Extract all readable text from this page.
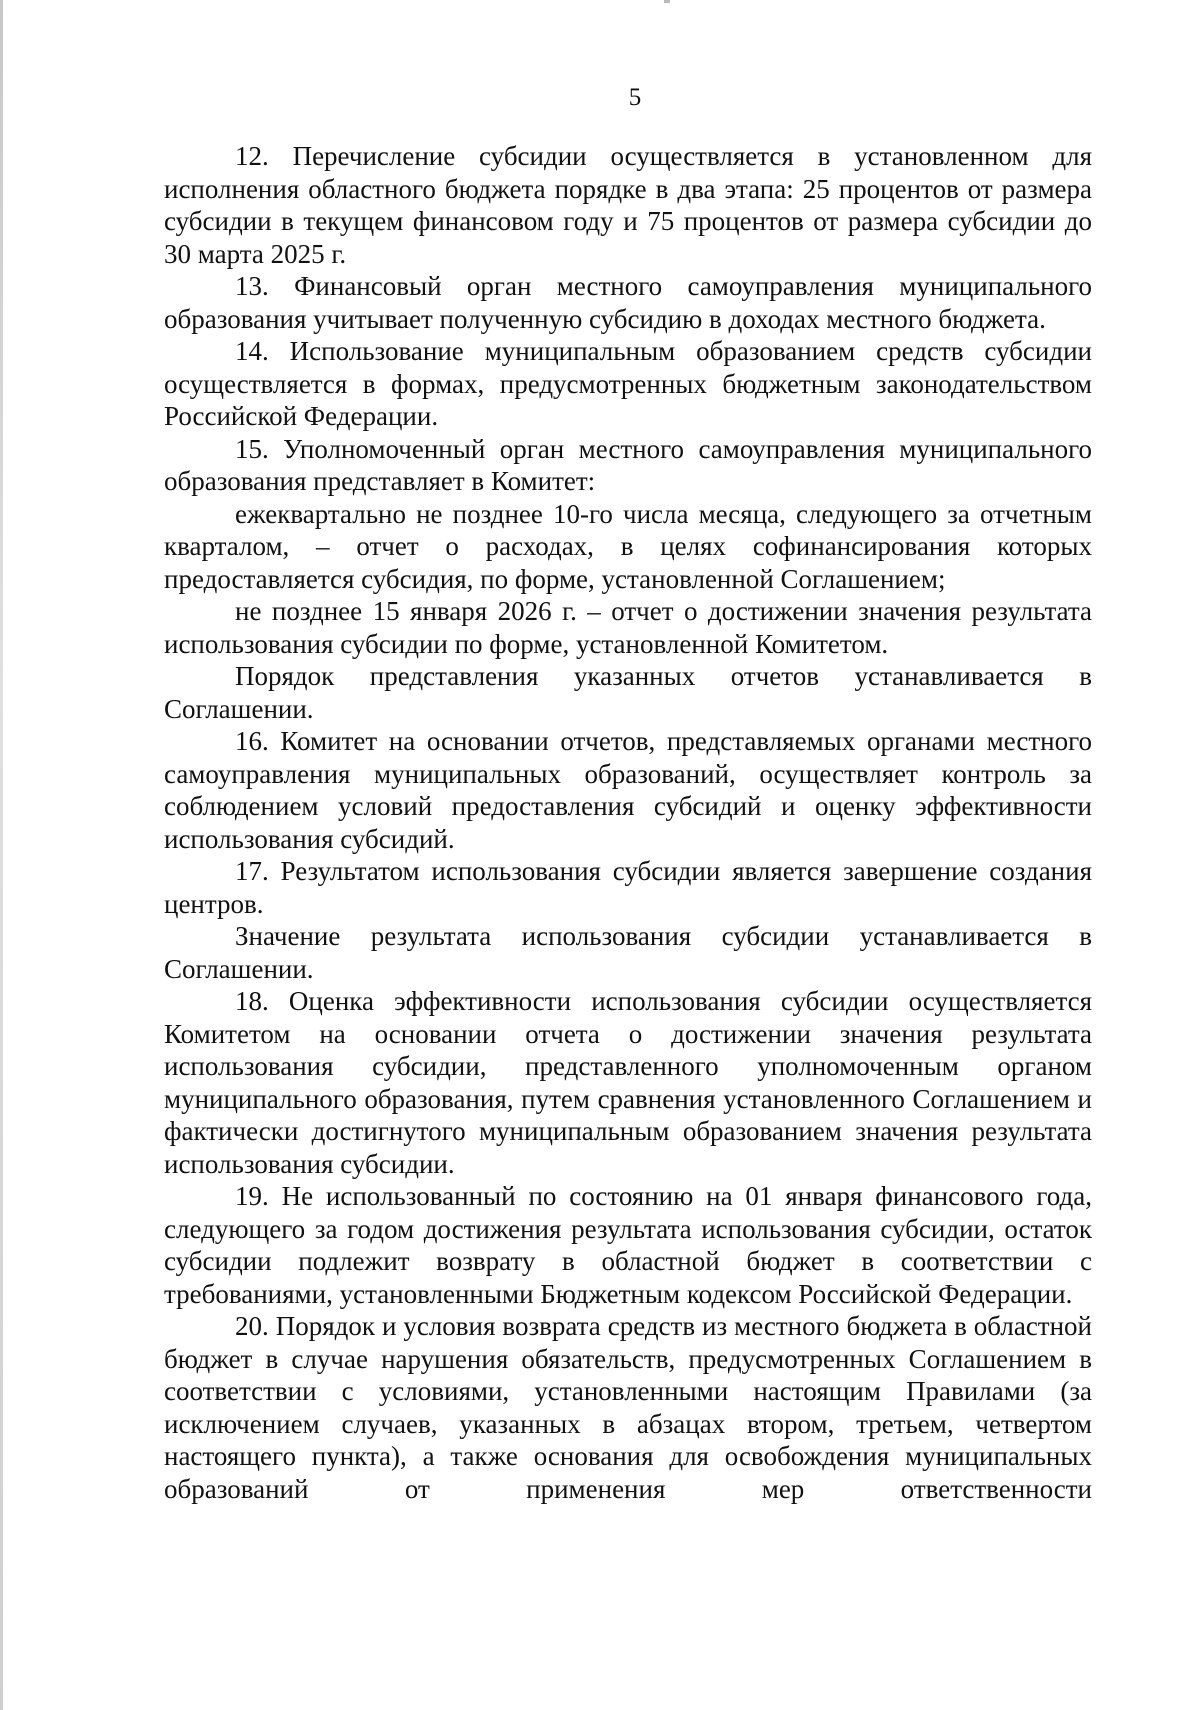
5

12. Перечисление субсидии осуществляется в установленном для исполнения областного бюджета порядке в два этапа: 25 процентов от размера субсидии в текущем финансовом году и 75 процентов от размера субсидии до 30 марта 2025 г.

13. Финансовый орган местного самоуправления муниципального образования учитывает полученную субсидию в доходах местного бюджета.

14. Использование муниципальным образованием средств субсидии осуществляется в формах, предусмотренных бюджетным законодательством Российской Федерации.

15. Уполномоченный орган местного самоуправления муниципального образования представляет в Комитет:

ежеквартально не позднее 10-го числа месяца, следующего за отчетным кварталом, – отчет о расходах, в целях софинансирования которых предоставляется субсидия, по форме, установленной Соглашением;

не позднее 15 января 2026 г. – отчет о достижении значения результата использования субсидии по форме, установленной Комитетом.

Порядок представления указанных отчетов устанавливается в Соглашении.

16. Комитет на основании отчетов, представляемых органами местного самоуправления муниципальных образований, осуществляет контроль за соблюдением условий предоставления субсидий и оценку эффективности использования субсидий.

17. Результатом использования субсидии является завершение создания центров.

Значение результата использования субсидии устанавливается в Соглашении.

18. Оценка эффективности использования субсидии осуществляется Комитетом на основании отчета о достижении значения результата использования субсидии, представленного уполномоченным органом муниципального образования, путем сравнения установленного Соглашением и фактически достигнутого муниципальным образованием значения результата использования субсидии.

19. Не использованный по состоянию на 01 января финансового года, следующего за годом достижения результата использования субсидии, остаток субсидии подлежит возврату в областной бюджет в соответствии с требованиями, установленными Бюджетным кодексом Российской Федерации.

20. Порядок и условия возврата средств из местного бюджета в областной бюджет в случае нарушения обязательств, предусмотренных Соглашением в соответствии с условиями, установленными настоящим Правилами (за исключением случаев, указанных в абзацах втором, третьем, четвертом настоящего пункта), а также основания для освобождения муниципальных образований от применения мер ответственности
